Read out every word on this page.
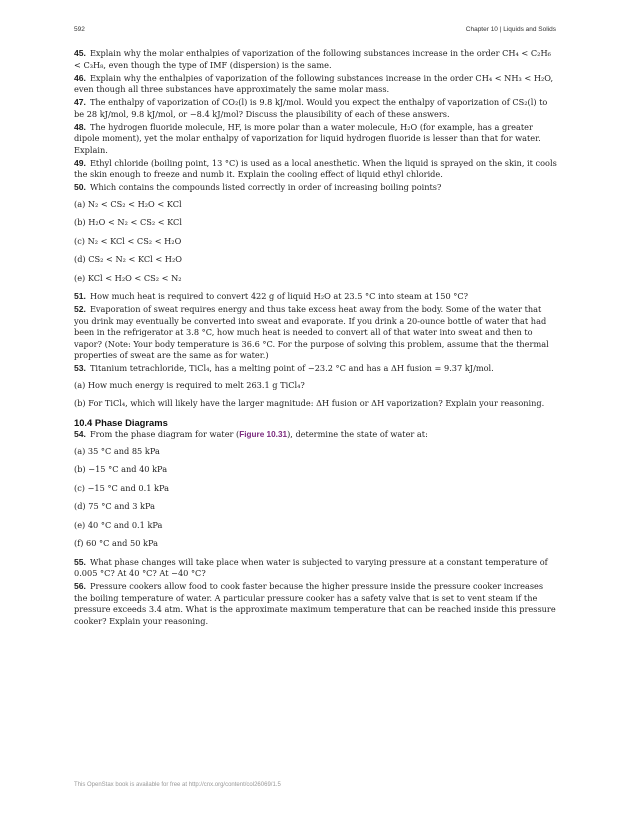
592	Chapter 10 | Liquids and Solids

45. Explain why the molar enthalpies of vaporization of the following substances increase in the order CH₄ < C₂H₆ < C₃H₈, even though the type of IMF (dispersion) is the same.

46. Explain why the enthalpies of vaporization of the following substances increase in the order CH₄ < NH₃ < H₂O, even though all three substances have approximately the same molar mass.

47. The enthalpy of vaporization of CO₂(l) is 9.8 kJ/mol. Would you expect the enthalpy of vaporization of CS₂(l) to be 28 kJ/mol, 9.8 kJ/mol, or −8.4 kJ/mol? Discuss the plausibility of each of these answers.

48. The hydrogen fluoride molecule, HF, is more polar than a water molecule, H₂O (for example, has a greater dipole moment), yet the molar enthalpy of vaporization for liquid hydrogen fluoride is lesser than that for water. Explain.

49. Ethyl chloride (boiling point, 13 °C) is used as a local anesthetic. When the liquid is sprayed on the skin, it cools the skin enough to freeze and numb it. Explain the cooling effect of liquid ethyl chloride.

50. Which contains the compounds listed correctly in order of increasing boiling points?

(a) N₂ < CS₂ < H₂O < KCl

(b) H₂O < N₂ < CS₂ < KCl

(c) N₂ < KCl < CS₂ < H₂O

(d) CS₂ < N₂ < KCl < H₂O

(e) KCl < H₂O < CS₂ < N₂

51. How much heat is required to convert 422 g of liquid H₂O at 23.5 °C into steam at 150 °C?

52. Evaporation of sweat requires energy and thus take excess heat away from the body. Some of the water that you drink may eventually be converted into sweat and evaporate. If you drink a 20-ounce bottle of water that had been in the refrigerator at 3.8 °C, how much heat is needed to convert all of that water into sweat and then to vapor? (Note: Your body temperature is 36.6 °C. For the purpose of solving this problem, assume that the thermal properties of sweat are the same as for water.)

53. Titanium tetrachloride, TiCl₄, has a melting point of −23.2 °C and has a ΔH fusion = 9.37 kJ/mol.

(a) How much energy is required to melt 263.1 g TiCl₄?

(b) For TiCl₄, which will likely have the larger magnitude: ΔH fusion or ΔH vaporization? Explain your reasoning.

10.4 Phase Diagrams

54. From the phase diagram for water (Figure 10.31), determine the state of water at:

(a) 35 °C and 85 kPa

(b) −15 °C and 40 kPa

(c) −15 °C and 0.1 kPa

(d) 75 °C and 3 kPa

(e) 40 °C and 0.1 kPa

(f) 60 °C and 50 kPa

55. What phase changes will take place when water is subjected to varying pressure at a constant temperature of 0.005 °C? At 40 °C? At −40 °C?

56. Pressure cookers allow food to cook faster because the higher pressure inside the pressure cooker increases the boiling temperature of water. A particular pressure cooker has a safety valve that is set to vent steam if the pressure exceeds 3.4 atm. What is the approximate maximum temperature that can be reached inside this pressure cooker? Explain your reasoning.

This OpenStax book is available for free at http://cnx.org/content/col26069/1.5
